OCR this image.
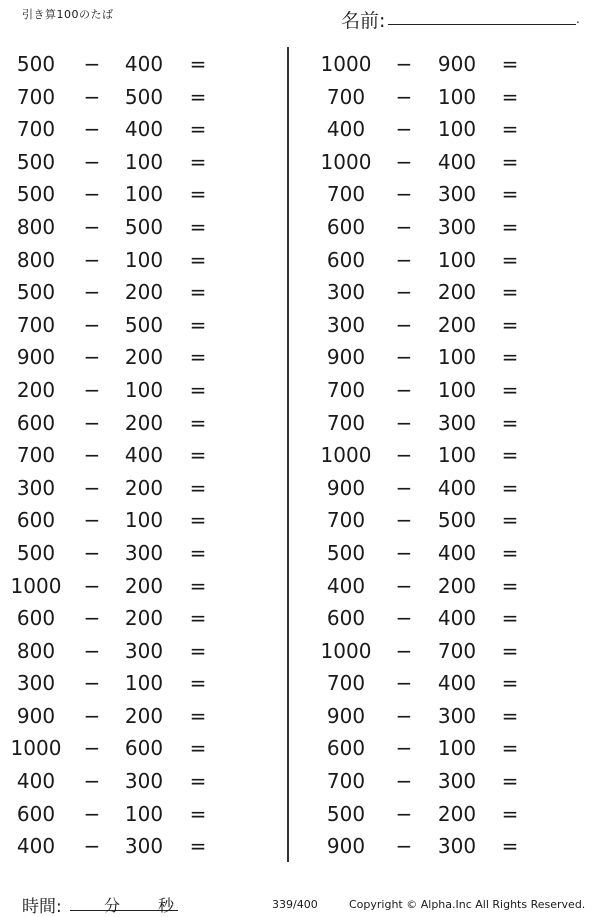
引き算100のたば	名前:	.
500	−	400	=
700	−	500	=
700	−	400	=
500	−	100	=
500	−	100	=
800	−	500	=
800	−	100	=
500	−	200	=
700	−	500	=
900	−	200	=
200	−	100	=
600	−	200	=
700	−	400	=
300	−	200	=
600	−	100	=
500	−	300	=
1000 −	200	=
600	−	200	=
800	−	300	=
300	−	100	=
900	−	200	=
1000 −	600	=
400	−	300	=
600	−	100	=
400	−	300	=
1000 −	900	=
700	−	100	=
400	−	100	=
1000 −	400	=
700	−	300	=
600	−	300	=
600	−	100	=
300	−	200	=
300	−	200	=
900	−	100	=
700	−	100	=
700	−	300	=
1000 −	100	=
900	−	400	=
700	−	500	=
500	−	400	=
400	−	200	=
600	−	400	=
1000 −	700	=
700	−	400	=
900	−	300	=
600	−	100	=
700	−	300	=
500	−	200	=
900	−	300	=
時間:	分 秒	339/400	Copyright © Alpha.Inc All Rights Reserved.
